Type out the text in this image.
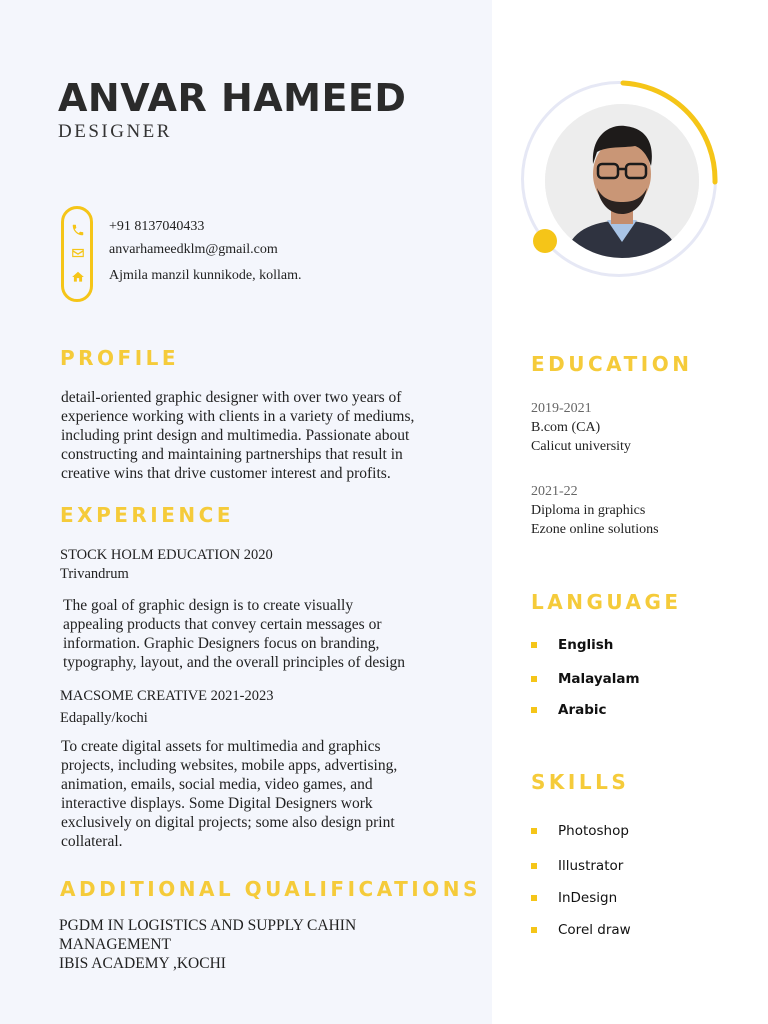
ANVAR HAMEED
DESIGNER
+91 8137040433
anvarhameedklm@gmail.com
Ajmila manzil kunnikode, kollam.
PROFILE
detail-oriented graphic designer with over two years of
experience working with clients in a variety of mediums,
including print design and multimedia. Passionate about
constructing and maintaining partnerships that result in
creative wins that drive customer interest and profits.
EXPERIENCE
STOCK HOLM EDUCATION 2020
Trivandrum
The goal of graphic design is to create visually
appealing products that convey certain messages or
information. Graphic Designers focus on branding,
typography, layout, and the overall principles of design
MACSOME CREATIVE 2021-2023
Edapally/kochi
To create digital assets for multimedia and graphics
projects, including websites, mobile apps, advertising,
animation, emails, social media, video games, and
interactive displays. Some Digital Designers work
exclusively on digital projects; some also design print
collateral.
ADDITIONAL QUALIFICATIONS
PGDM IN LOGISTICS AND SUPPLY CAHIN
MANAGEMENT
IBIS ACADEMY ,KOCHI
EDUCATION
2019-2021
B.com (CA)
Calicut university
2021-22
Diploma in graphics
Ezone online solutions
LANGUAGE
English
Malayalam
Arabic
SKILLS
Photoshop
Illustrator
InDesign
Corel draw
